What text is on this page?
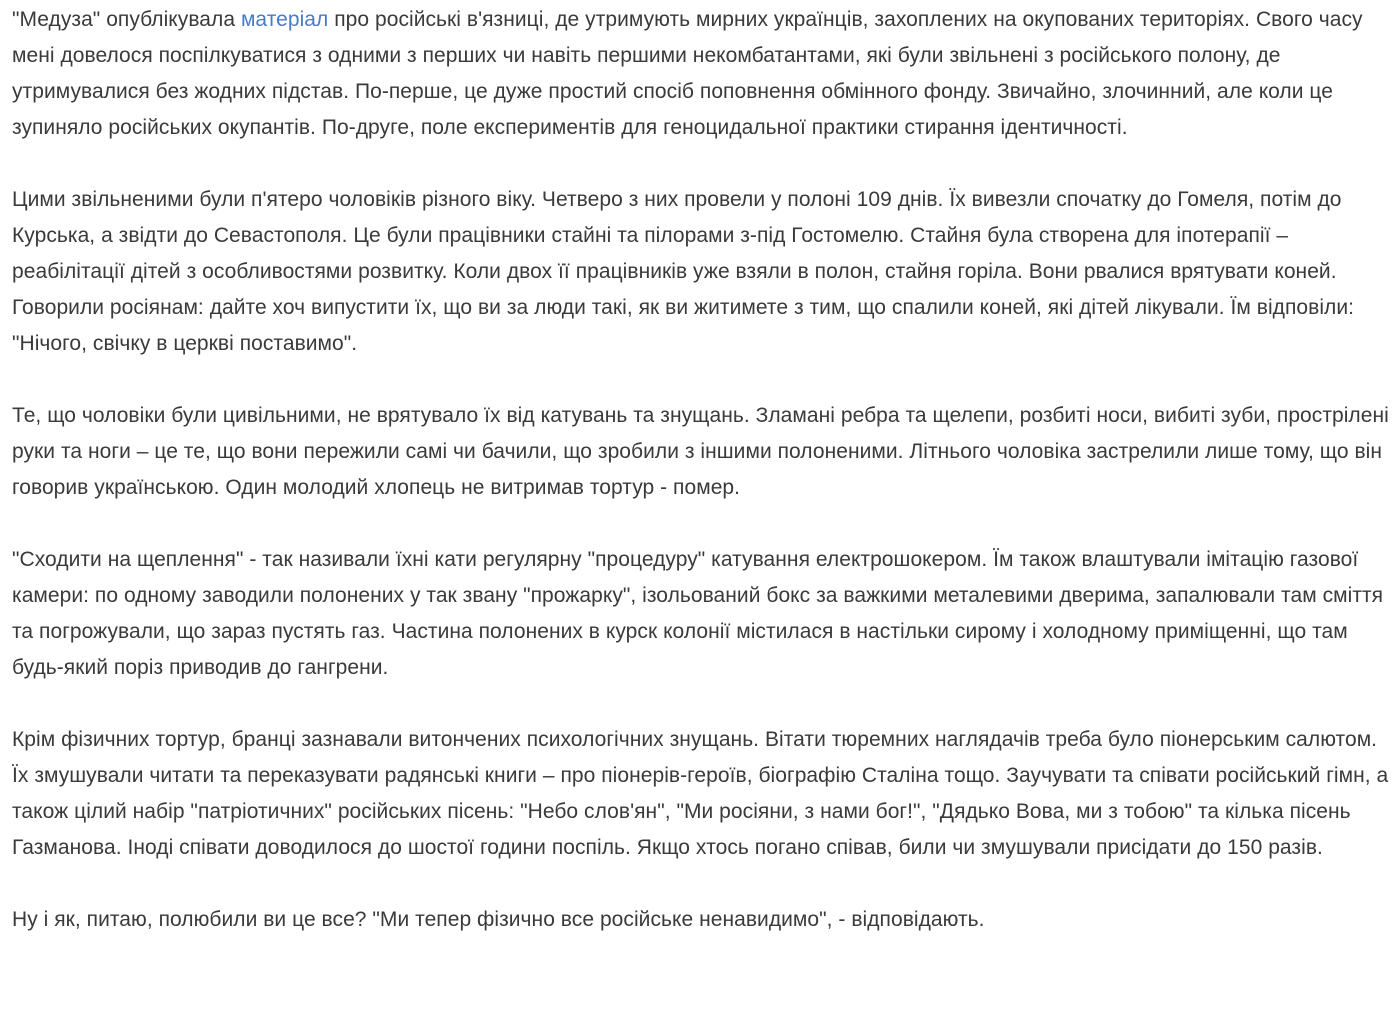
"Медуза" опублікувала матеріал про російські в'язниці, де утримують мирних українців, захоплених на окупованих територіях. Свого часу мені довелося поспілкуватися з одними з перших чи навіть першими некомбатантами, які були звільнені з російського полону, де утримувалися без жодних підстав. По-перше, це дуже простий спосіб поповнення обмінного фонду. Звичайно, злочинний, але коли це зупиняло російських окупантів. По-друге, поле експериментів для геноцидальної практики стирання ідентичності.

Цими звільненими були п'ятеро чоловіків різного віку. Четверо з них провели у полоні 109 днів. Їх вивезли спочатку до Гомеля, потім до Курська, а звідти до Севастополя. Це були працівники стайні та пілорами з-під Гостомелю. Стайня була створена для іпотерапії – реабілітації дітей з особливостями розвитку. Коли двох її працівників уже взяли в полон, стайня горіла. Вони рвалися врятувати коней. Говорили росіянам: дайте хоч випустити їх, що ви за люди такі, як ви житимете з тим, що спалили коней, які дітей лікували. Їм відповіли: "Нічого, свічку в церкві поставимо".

Те, що чоловіки були цивільними, не врятувало їх від катувань та знущань. Зламані ребра та щелепи, розбиті носи, вибиті зуби, прострілені руки та ноги – це те, що вони пережили самі чи бачили, що зробили з іншими полоненими. Літнього чоловіка застрелили лише тому, що він говорив українською. Один молодий хлопець не витримав тортур - помер.

"Сходити на щеплення" - так називали їхні кати регулярну "процедуру" катування електрошокером. Їм також влаштували імітацію газової камери: по одному заводили полонених у так звану "прожарку", ізольований бокс за важкими металевими дверима, запалювали там сміття та погрожували, що зараз пустять газ. Частина полонених в курск колонії містилася в настільки сирому і холодному приміщенні, що там будь-який поріз приводив до гангрени.

Крім фізичних тортур, бранці зазнавали витончених психологічних знущань. Вітати тюремних наглядачів треба було піонерським салютом. Їх змушували читати та переказувати радянські книги – про піонерів-героїв, біографію Сталіна тощо. Заучувати та співати російський гімн, а також цілий набір "патріотичних" російських пісень: "Небо слов'ян", "Ми росіяни, з нами бог!", "Дядько Вова, ми з тобою" та кілька пісень Газманова. Іноді співати доводилося до шостої години поспіль. Якщо хтось погано співав, били чи змушували присідати до 150 разів.

Ну і як, питаю, полюбили ви це все? "Ми тепер фізично все російське ненавидимо", - відповідають.
